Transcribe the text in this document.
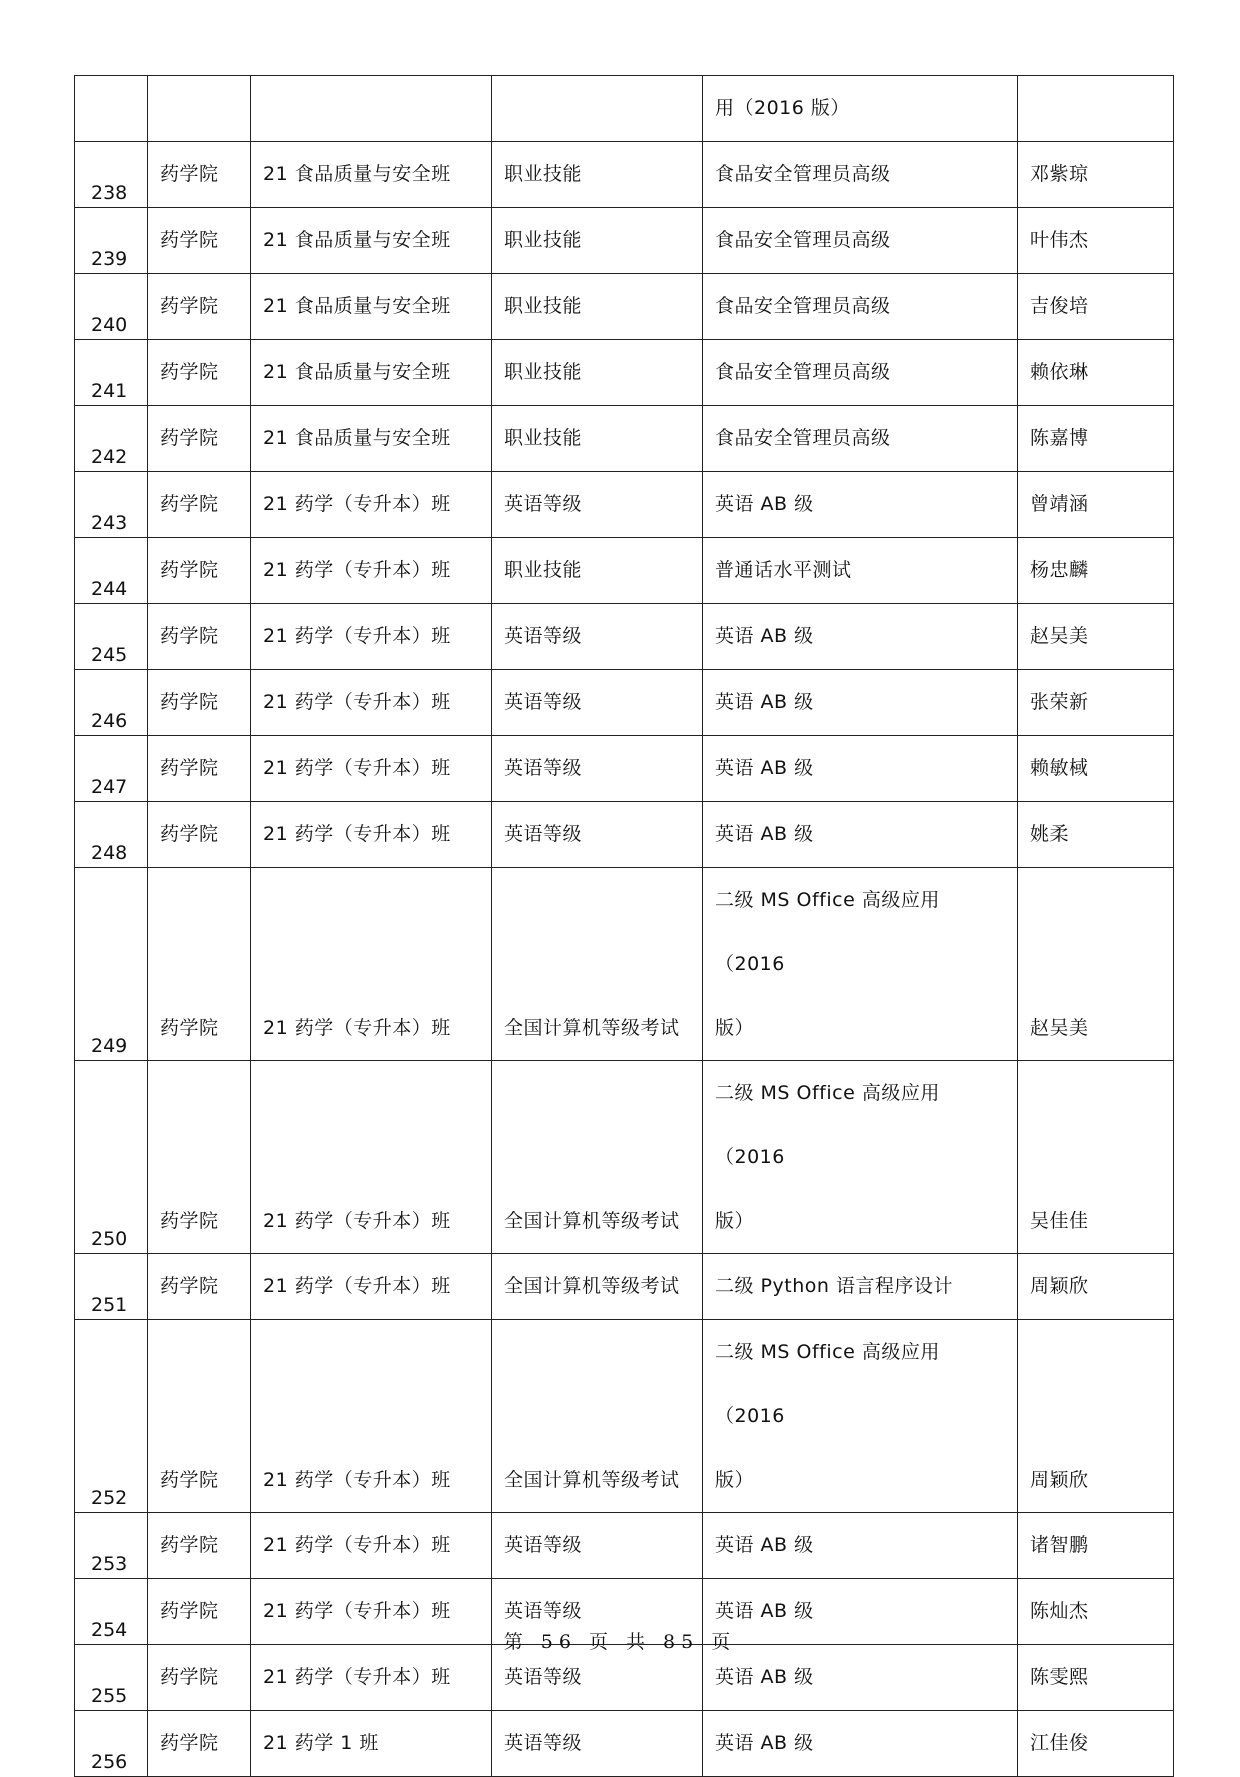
				用（2016 版）	

238	药学院	21 食品质量与安全班	职业技能	食品安全管理员高级	邓紫琼

239	药学院	21 食品质量与安全班	职业技能	食品安全管理员高级	叶伟杰

240	药学院	21 食品质量与安全班	职业技能	食品安全管理员高级	吉俊培

241	药学院	21 食品质量与安全班	职业技能	食品安全管理员高级	赖依琳

242	药学院	21 食品质量与安全班	职业技能	食品安全管理员高级	陈嘉博

243	药学院	21 药学（专升本）班	英语等级	英语 AB 级	曾靖涵

244	药学院	21 药学（专升本）班	职业技能	普通话水平测试	杨忠麟

245	药学院	21 药学（专升本）班	英语等级	英语 AB 级	赵吴美

246	药学院	21 药学（专升本）班	英语等级	英语 AB 级	张荣新

247	药学院	21 药学（专升本）班	英语等级	英语 AB 级	赖敏棫

248	药学院	21 药学（专升本）班	英语等级	英语 AB 级	姚柔

249	药学院	21 药学（专升本）班	全国计算机等级考试	二级 MS Office 高级应用（2016
版）	赵吴美

250	药学院	21 药学（专升本）班	全国计算机等级考试	二级 MS Office 高级应用（2016
版）	吴佳佳

251	药学院	21 药学（专升本）班	全国计算机等级考试	二级 Python 语言程序设计	周颖欣

252	药学院	21 药学（专升本）班	全国计算机等级考试	二级 MS Office 高级应用（2016
版）	周颖欣

253	药学院	21 药学（专升本）班	英语等级	英语 AB 级	诸智鹏

254	药学院	21 药学（专升本）班	英语等级	英语 AB 级	陈灿杰

255	药学院	21 药学（专升本）班	英语等级	英语 AB 级	陈雯熙

256	药学院	21 药学 1 班	英语等级	英语 AB 级	江佳俊
第 56 页 共 85 页
